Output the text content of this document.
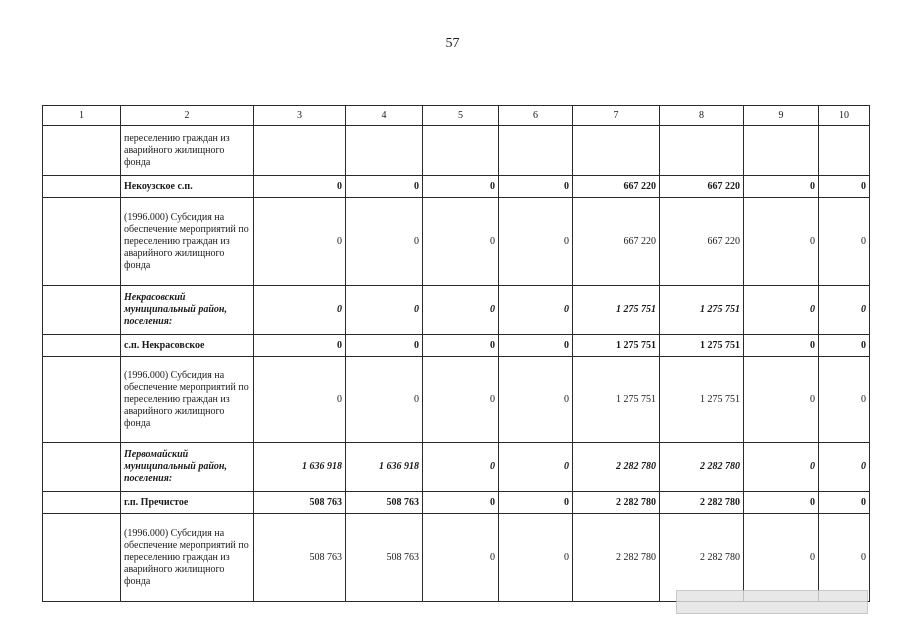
57
1	2	3	4	5	6	7	8	9	10
	переселению граждан из аварийного жилищного фонда								
	Некоузское с.п.	0	0	0	0	667 220	667 220	0	0
	(1996.000) Субсидия на обеспечение мероприятий по переселению граждан из аварийного жилищного фонда	0	0	0	0	667 220	667 220	0	0
	Некрасовский муниципальный район, поселения:	0	0	0	0	1 275 751	1 275 751	0	0
	с.п. Некрасовское	0	0	0	0	1 275 751	1 275 751	0	0
	(1996.000) Субсидия на обеспечение мероприятий по переселению граждан из аварийного жилищного фонда	0	0	0	0	1 275 751	1 275 751	0	0
	Первомайский муниципальный район, поселения:	1 636 918	1 636 918	0	0	2 282 780	2 282 780	0	0
	г.п. Пречистое	508 763	508 763	0	0	2 282 780	2 282 780	0	0
	(1996.000) Субсидия на обеспечение мероприятий по переселению граждан из аварийного жилищного фонда	508 763	508 763	0	0	2 282 780	2 282 780	0	0
